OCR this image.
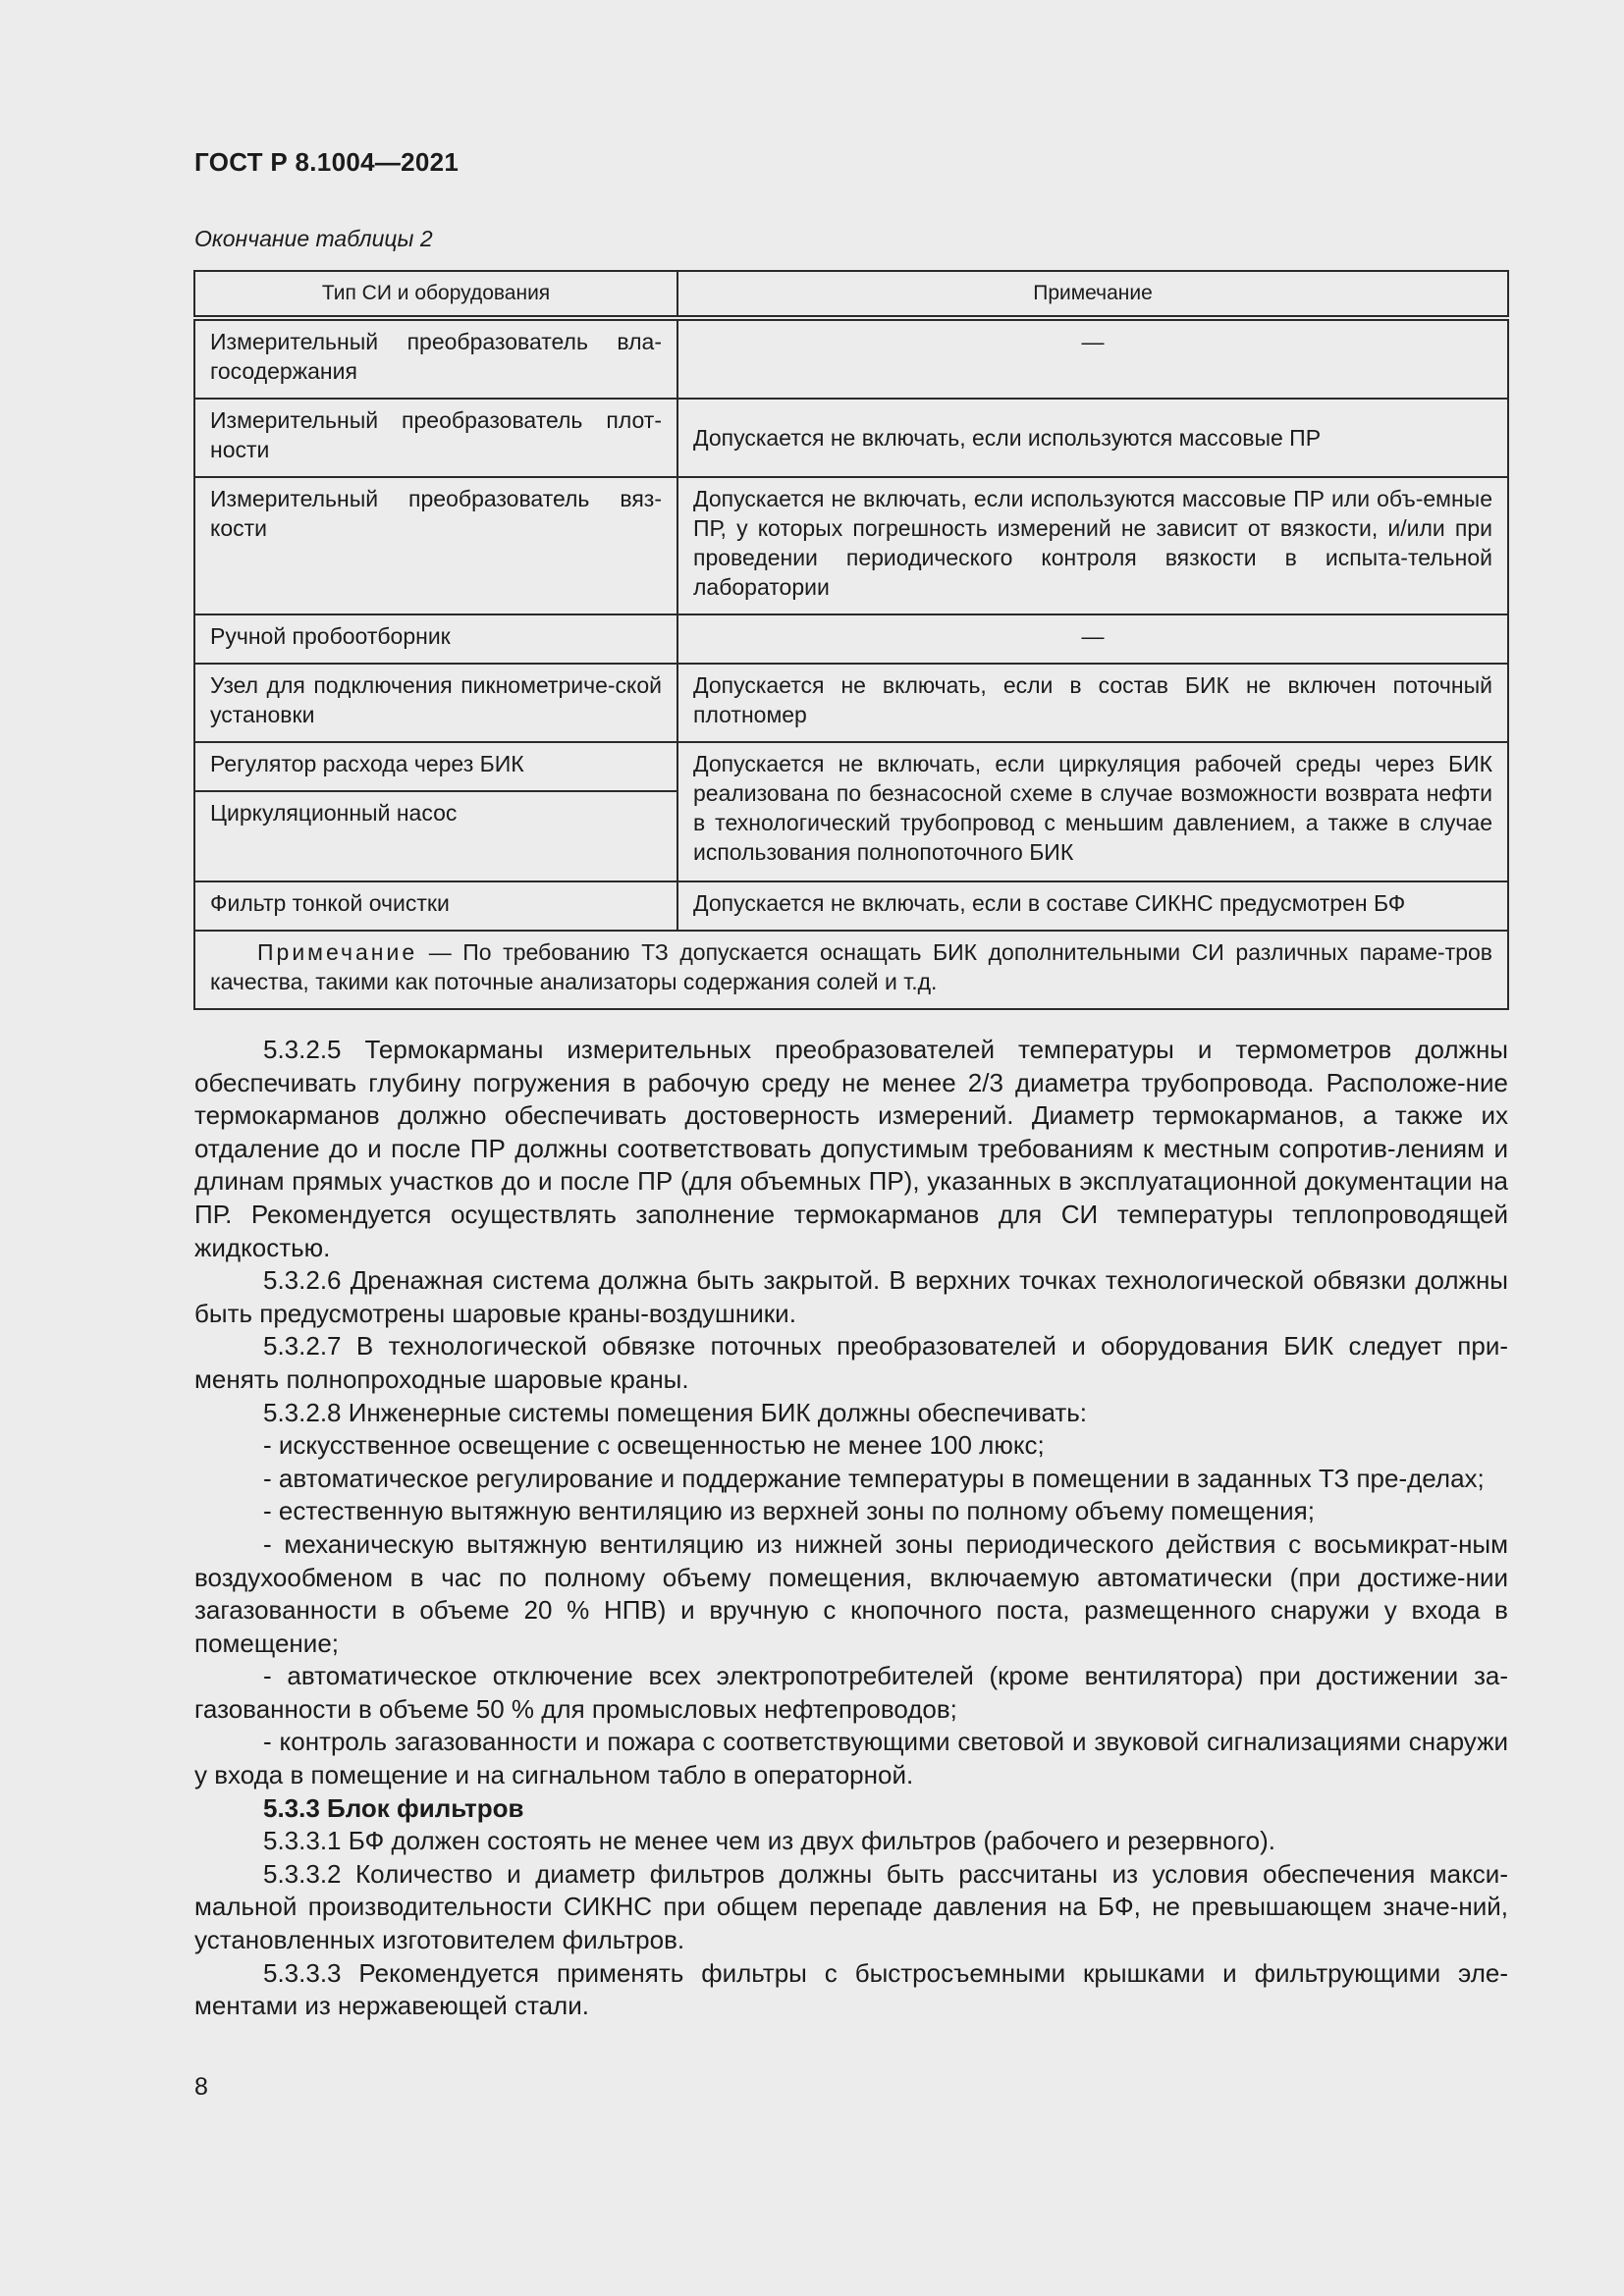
ГОСТ Р 8.1004—2021

Окончание таблицы 2

Тип СИ и оборудования	Примечание
Измерительный преобразователь вла-госодержания	—
Измерительный преобразователь плот-ности	Допускается не включать, если используются массовые ПР
Измерительный преобразователь вяз-кости	Допускается не включать, если используются массовые ПР или объ-емные ПР, у которых погрешность измерений не зависит от вязкости, и/или при проведении периодического контроля вязкости в испыта-тельной лаборатории
Ручной пробоотборник	—
Узел для подключения пикнометриче-ской установки	Допускается не включать, если в состав БИК не включен поточный плотномер
Регулятор расхода через БИК	Допускается не включать, если циркуляция рабочей среды через БИК реализована по безнасосной схеме в случае возможности возврата нефти в технологический трубопровод с меньшим давлением, а также в случае использования полнопоточного БИК
Циркуляционный насос	
Фильтр тонкой очистки	Допускается не включать, если в составе СИКНС предусмотрен БФ
Примечание — По требованию ТЗ допускается оснащать БИК дополнительными СИ различных параме-тров качества, такими как поточные анализаторы содержания солей и т.д.	

5.3.2.5 Термокарманы измерительных преобразователей температуры и термометров должны обеспечивать глубину погружения в рабочую среду не менее 2/3 диаметра трубопровода. Расположе-ние термокарманов должно обеспечивать достоверность измерений. Диаметр термокарманов, а также их отдаление до и после ПР должны соответствовать допустимым требованиям к местным сопротив-лениям и длинам прямых участков до и после ПР (для объемных ПР), указанных в эксплуатационной документации на ПР. Рекомендуется осуществлять заполнение термокарманов для СИ температуры теплопроводящей жидкостью.

5.3.2.6 Дренажная система должна быть закрытой. В верхних точках технологической обвязки должны быть предусмотрены шаровые краны-воздушники.

5.3.2.7 В технологической обвязке поточных преобразователей и оборудования БИК следует при-менять полнопроходные шаровые краны.

5.3.2.8 Инженерные системы помещения БИК должны обеспечивать:

- искусственное освещение с освещенностью не менее 100 люкс;

- автоматическое регулирование и поддержание температуры в помещении в заданных ТЗ пре-делах;

- естественную вытяжную вентиляцию из верхней зоны по полному объему помещения;

- механическую вытяжную вентиляцию из нижней зоны периодического действия с восьмикрат-ным воздухообменом в час по полному объему помещения, включаемую автоматически (при достиже-нии загазованности в объеме 20 % НПВ) и вручную с кнопочного поста, размещенного снаружи у входа в помещение;

- автоматическое отключение всех электропотребителей (кроме вентилятора) при достижении за-газованности в объеме 50 % для промысловых нефтепроводов;

- контроль загазованности и пожара с соответствующими световой и звуковой сигнализациями снаружи у входа в помещение и на сигнальном табло в операторной.

5.3.3 Блок фильтров

5.3.3.1 БФ должен состоять не менее чем из двух фильтров (рабочего и резервного).

5.3.3.2 Количество и диаметр фильтров должны быть рассчитаны из условия обеспечения макси-мальной производительности СИКНС при общем перепаде давления на БФ, не превышающем значе-ний, установленных изготовителем фильтров.

5.3.3.3 Рекомендуется применять фильтры с быстросъемными крышками и фильтрующими эле-ментами из нержавеющей стали.

8
